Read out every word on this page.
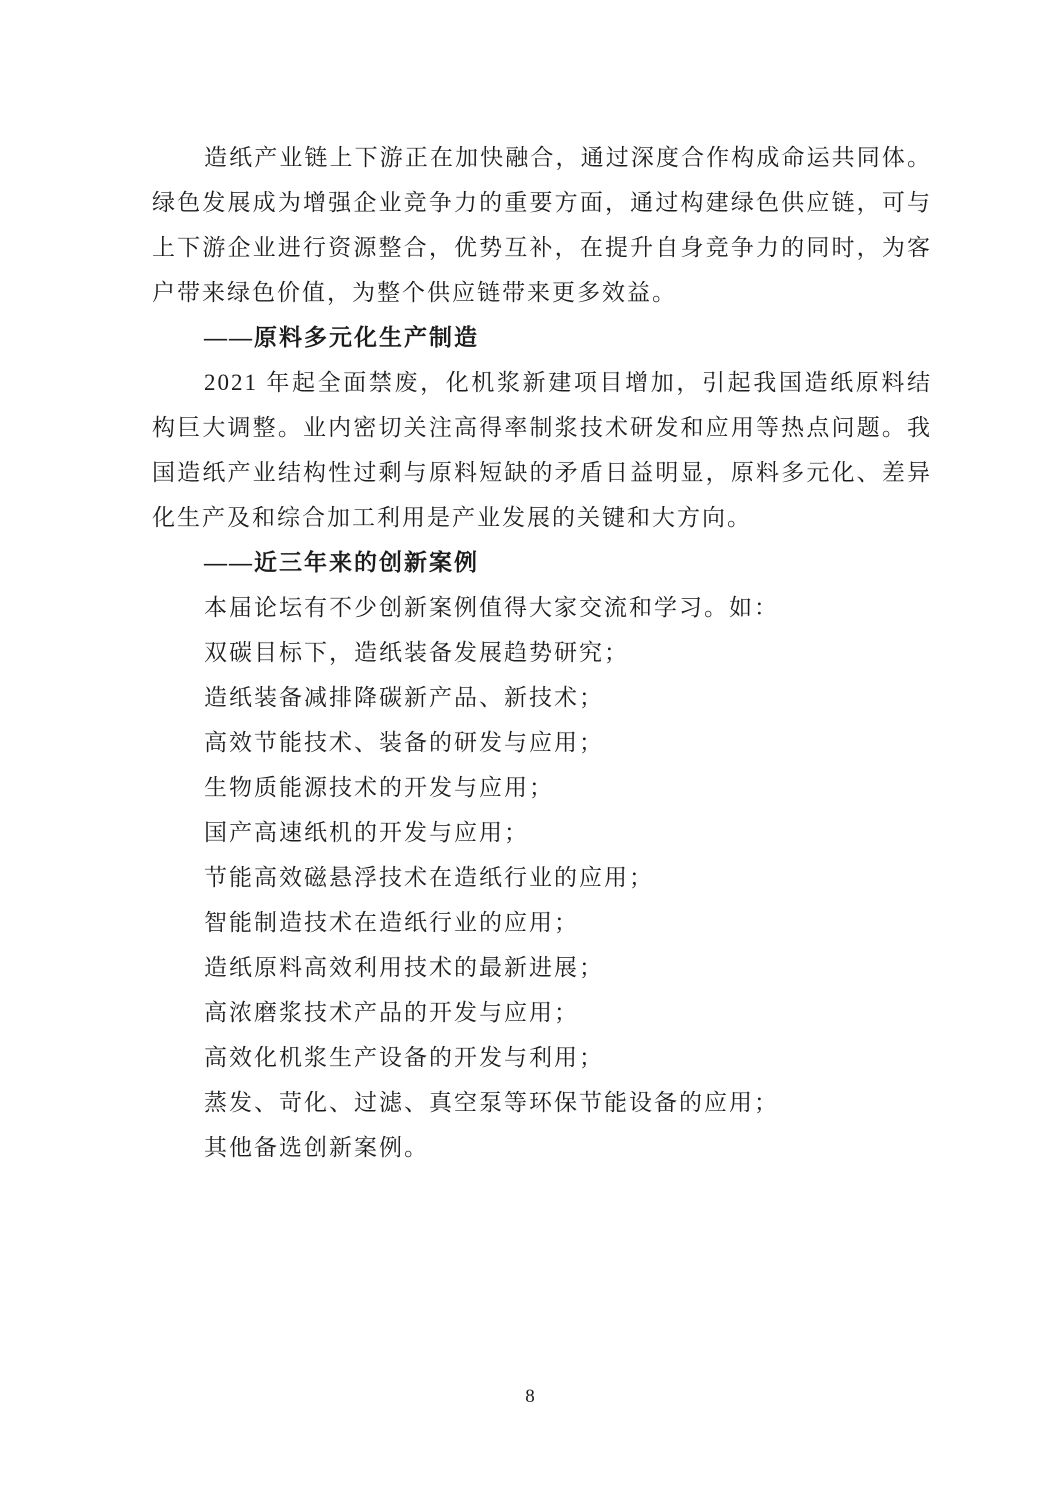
造纸产业链上下游正在加快融合，通过深度合作构成命运共同体。绿色发展成为增强企业竞争力的重要方面，通过构建绿色供应链，可与上下游企业进行资源整合，优势互补，在提升自身竞争力的同时，为客户带来绿色价值，为整个供应链带来更多效益。

——原料多元化生产制造

2021 年起全面禁废，化机浆新建项目增加，引起我国造纸原料结构巨大调整。业内密切关注高得率制浆技术研发和应用等热点问题。我国造纸产业结构性过剩与原料短缺的矛盾日益明显，原料多元化、差异化生产及和综合加工利用是产业发展的关键和大方向。

——近三年来的创新案例
本届论坛有不少创新案例值得大家交流和学习。如：
双碳目标下，造纸装备发展趋势研究；
造纸装备减排降碳新产品、新技术；
高效节能技术、装备的研发与应用；
生物质能源技术的开发与应用；
国产高速纸机的开发与应用；
节能高效磁悬浮技术在造纸行业的应用；
智能制造技术在造纸行业的应用；
造纸原料高效利用技术的最新进展；
高浓磨浆技术产品的开发与应用；
高效化机浆生产设备的开发与利用；
蒸发、苛化、过滤、真空泵等环保节能设备的应用；
其他备选创新案例。
8
